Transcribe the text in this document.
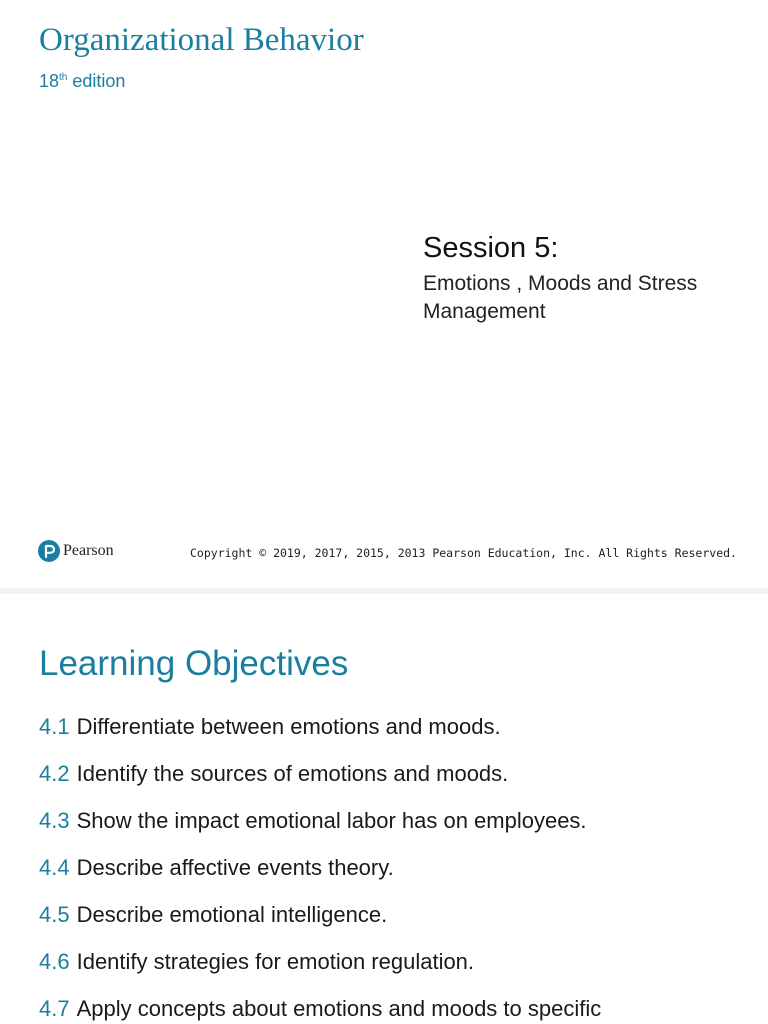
Organizational Behavior
18th edition
Session 5:
Emotions , Moods and Stress Management
Pearson	Copyright © 2019, 2017, 2015, 2013 Pearson Education, Inc. All Rights Reserved.
Learning Objectives
4.1 Differentiate between emotions and moods.
4.2 Identify the sources of emotions and moods.
4.3 Show the impact emotional labor has on employees.
4.4 Describe affective events theory.
4.5 Describe emotional intelligence.
4.6 Identify strategies for emotion regulation.
4.7 Apply concepts about emotions and moods to specific
